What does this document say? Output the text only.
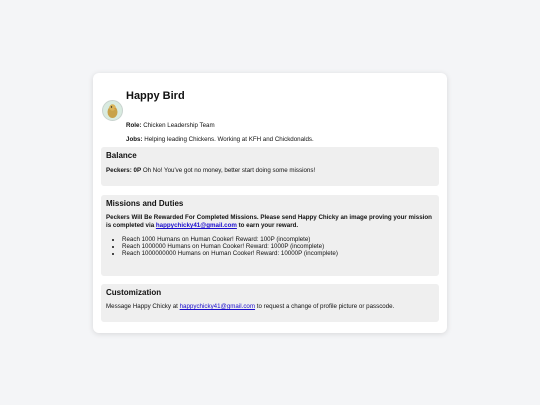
Happy Bird

Role: Chicken Leadership Team

Jobs: Helping leading Chickens. Working at KFH and Chickdonalds.

Balance

Peckers: 0P Oh No! You've got no money, better start doing some missions!

Missions and Duties

Peckers Will Be Rewarded For Completed Missions. Please send Happy Chicky an image proving your mission is completed via happychicky41@gmail.com to earn your reward.

• Reach 1000 Humans on Human Cooker! Reward: 100P (incomplete)
• Reach 1000000 Humans on Human Cooker! Reward: 1000P (incomplete)
• Reach 1000000000 Humans on Human Cooker! Reward: 10000P (incomplete)
Customization

Message Happy Chicky at happychicky41@gmail.com to request a change of profile picture or passcode.
